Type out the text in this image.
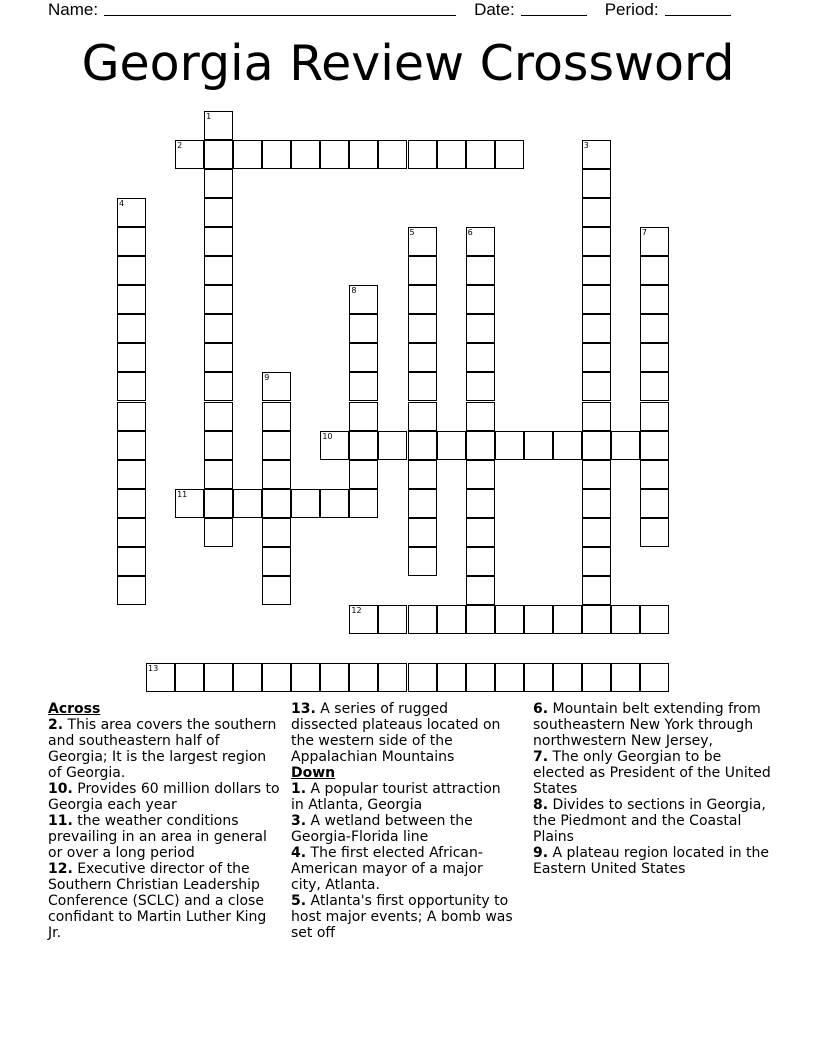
Name:	Date:	Period:
Georgia Review Crossword
1
2	3
4
5	6	7
8
9
10
11
12
13
Across
2. This area covers the southern and southeastern half of Georgia; It is the largest region of Georgia.
10. Provides 60 million dollars to Georgia each year
11. the weather conditions prevailing in an area in general or over a long period
12. Executive director of the Southern Christian Leadership Conference (SCLC) and a close confidant to Martin Luther King Jr.
13. A series of rugged dissected plateaus located on the western side of the Appalachian Mountains
Down
1. A popular tourist attraction in Atlanta, Georgia
3. A wetland between the Georgia-Florida line
4. The first elected African-American mayor of a major city, Atlanta.
5. Atlanta's first opportunity to host major events; A bomb was set off
6. Mountain belt extending from southeastern New York through northwestern New Jersey,
7. The only Georgian to be elected as President of the United States
8. Divides to sections in Georgia, the Piedmont and the Coastal Plains
9. A plateau region located in the Eastern United States
